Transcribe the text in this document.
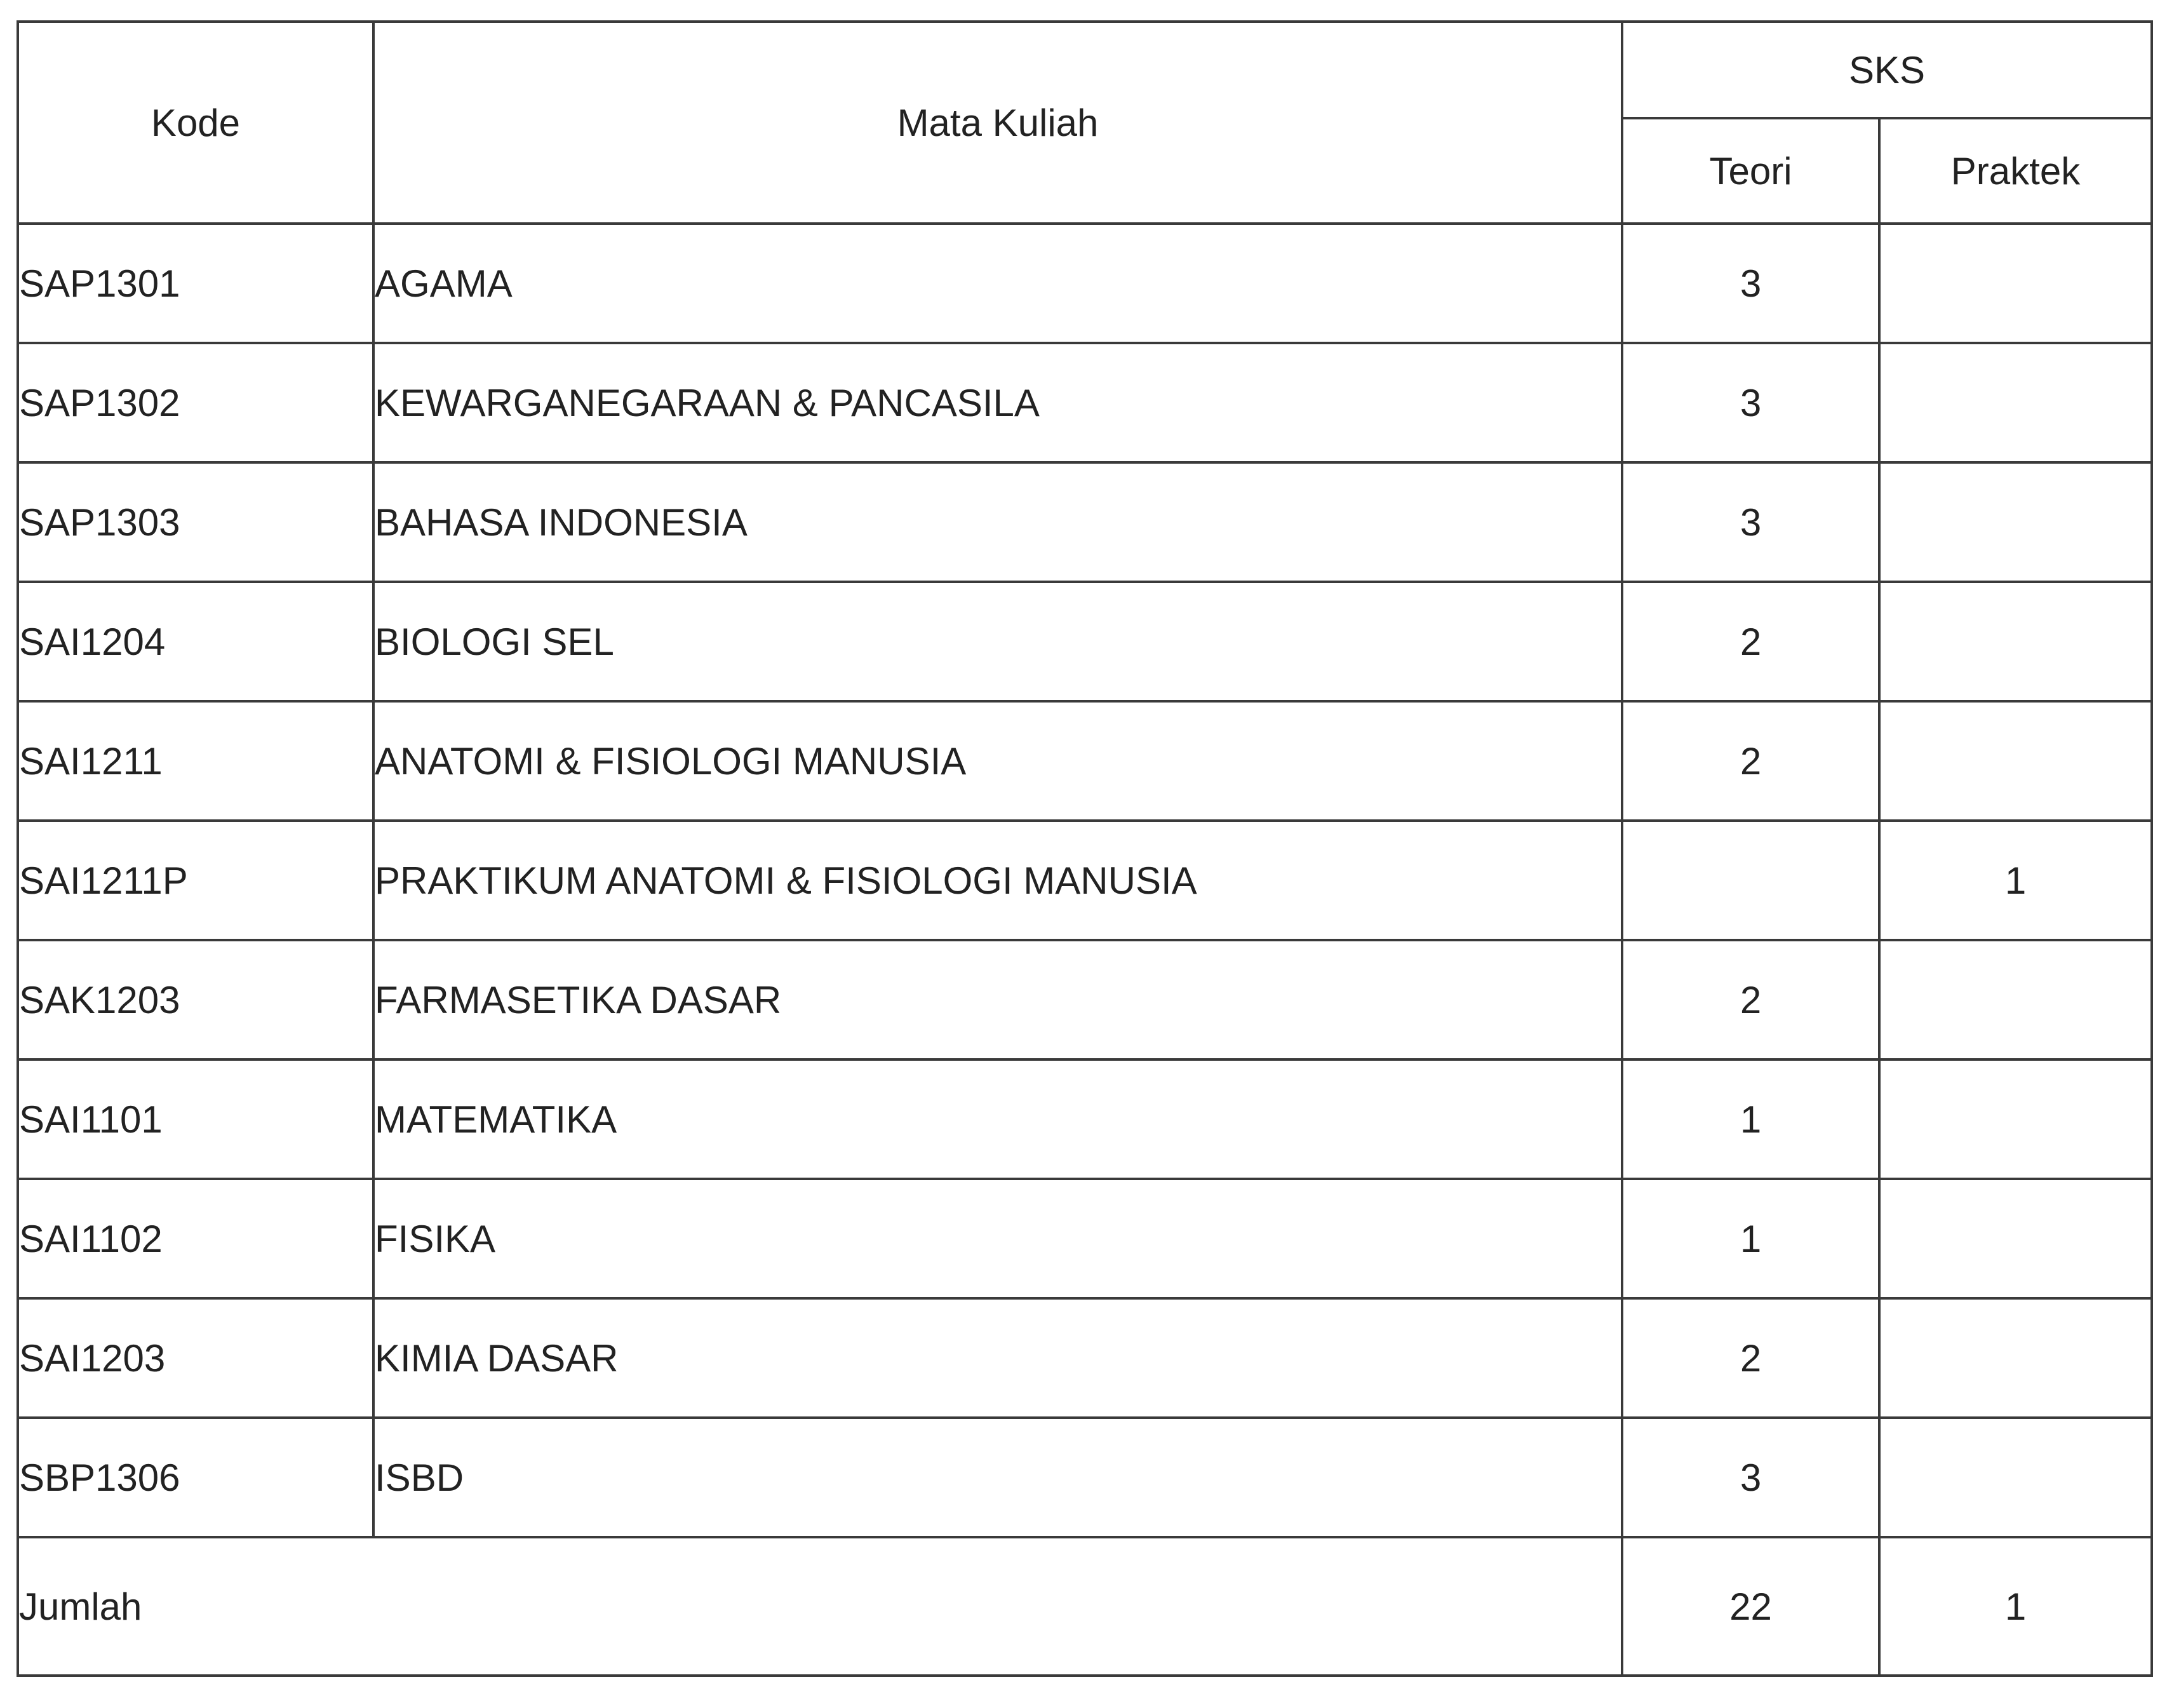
Kode	Mata Kuliah	SKS	
		Teori	Praktek
SAP1301	AGAMA	3	
SAP1302	KEWARGANEGARAAN & PANCASILA	3	
SAP1303	BAHASA INDONESIA	3	
SAI1204	BIOLOGI SEL	2	
SAI1211	ANATOMI & FISIOLOGI MANUSIA	2	
SAI1211P	PRAKTIKUM ANATOMI & FISIOLOGI MANUSIA		1
SAK1203	FARMASETIKA DASAR	2	
SAI1101	MATEMATIKA	1	
SAI1102	FISIKA	1	
SAI1203	KIMIA DASAR	2	
SBP1306	ISBD	3	
Jumlah		22	1
